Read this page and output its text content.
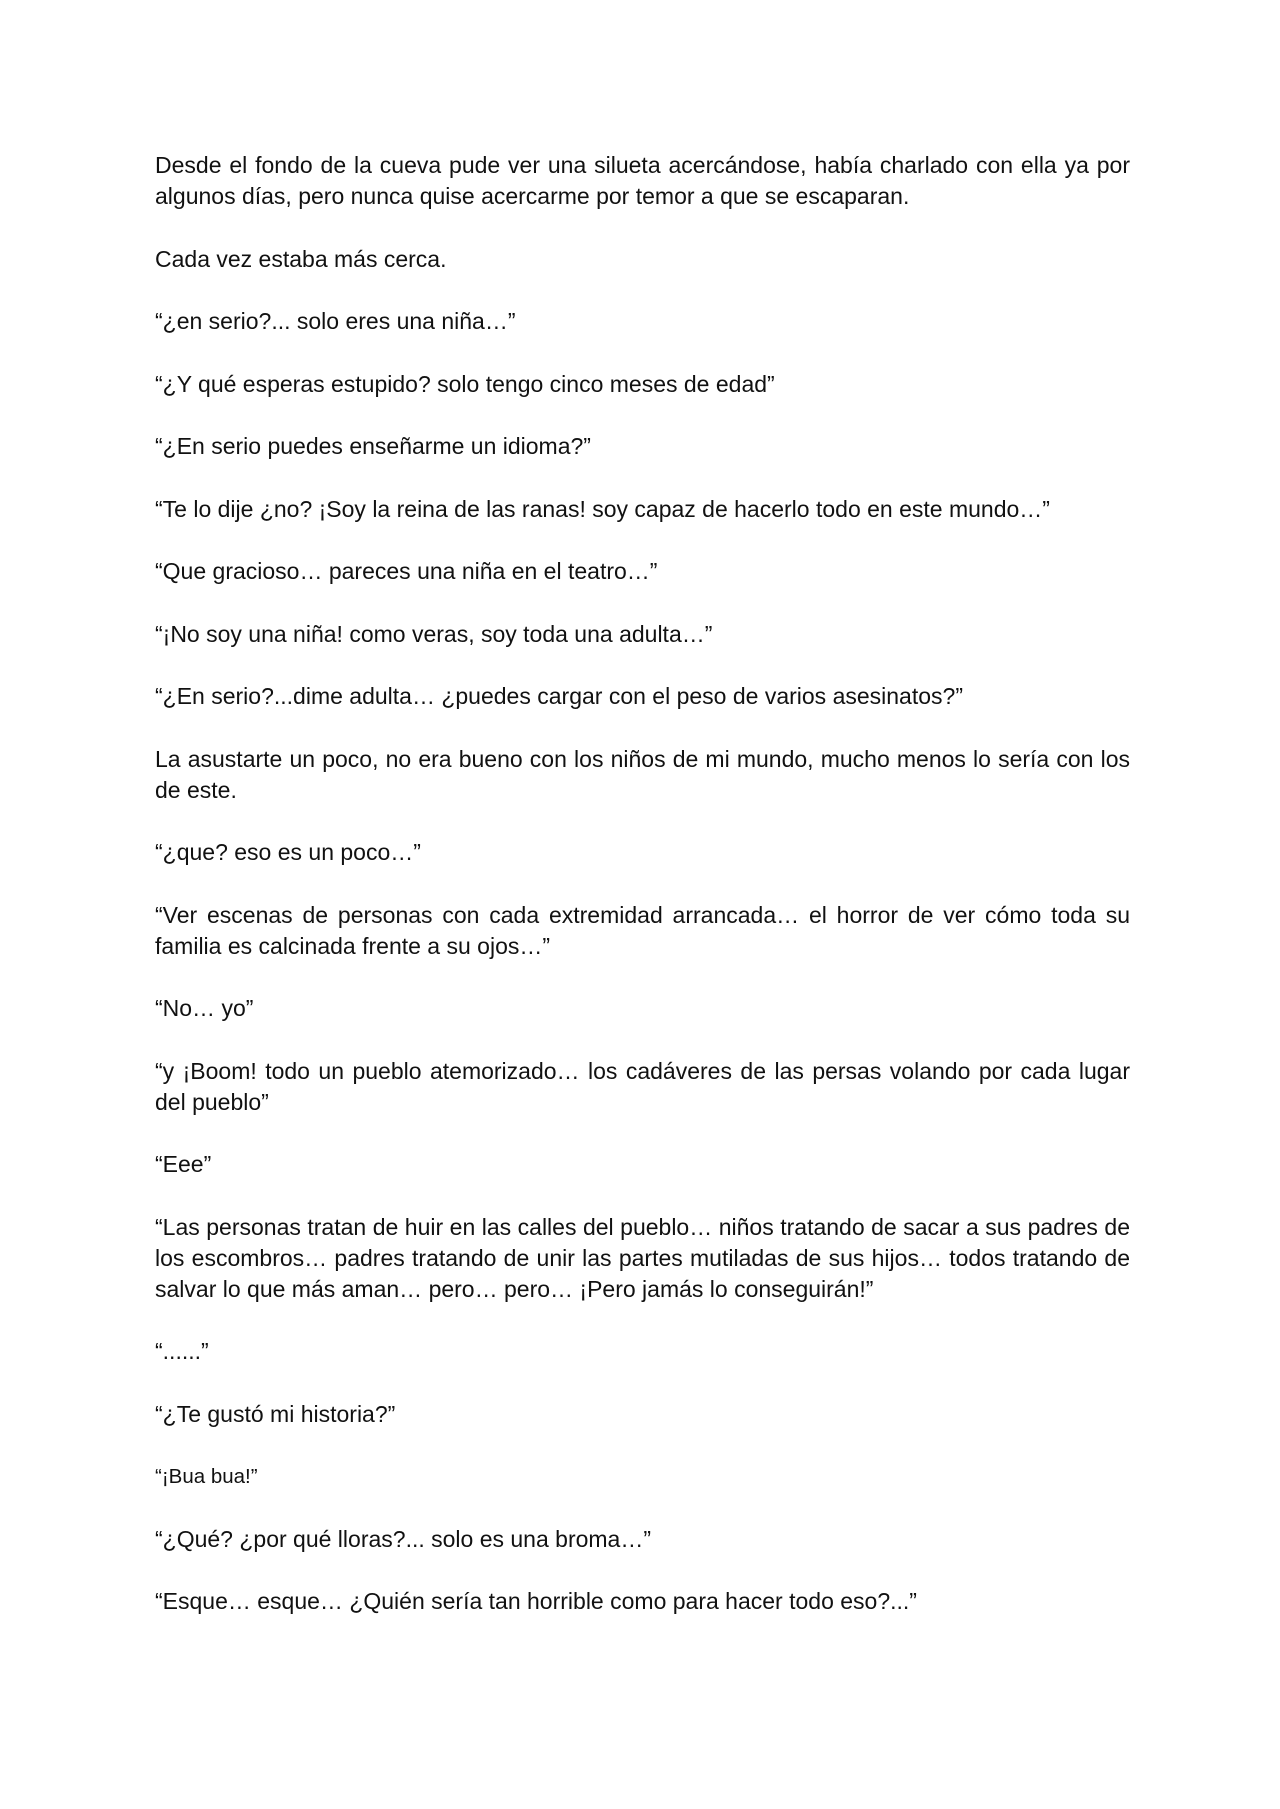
Desde el fondo de la cueva pude ver una silueta acercándose, había charlado con ella ya por algunos días, pero nunca quise acercarme por temor a que se escaparan.

Cada vez estaba más cerca.

“¿en serio?... solo eres una niña…”

“¿Y qué esperas estupido? solo tengo cinco meses de edad”

“¿En serio puedes enseñarme un idioma?”

“Te lo dije ¿no? ¡Soy la reina de las ranas! soy capaz de hacerlo todo en este mundo…”

“Que gracioso… pareces una niña en el teatro…”

“¡No soy una niña! como veras, soy toda una adulta…”

“¿En serio?...dime adulta… ¿puedes cargar con el peso de varios asesinatos?”

La asustarte un poco, no era bueno con los niños de mi mundo, mucho menos lo sería con los de este.

“¿que? eso es un poco…”

“Ver escenas de personas con cada extremidad arrancada… el horror de ver cómo toda su familia es calcinada frente a su ojos…”

“No… yo”

“y ¡Boom! todo un pueblo atemorizado… los cadáveres de las persas volando por cada lugar del pueblo”

“Eee”

“Las personas tratan de huir en las calles del pueblo… niños tratando de sacar a sus padres de los escombros… padres tratando de unir las partes mutiladas de sus hijos… todos tratando de salvar lo que más aman… pero… pero… ¡Pero jamás lo conseguirán!”

“......”

“¿Te gustó mi historia?”

“¡Bua bua!”

“¿Qué? ¿por qué lloras?... solo es una broma…”

“Esque… esque… ¿Quién sería tan horrible como para hacer todo eso?...”
